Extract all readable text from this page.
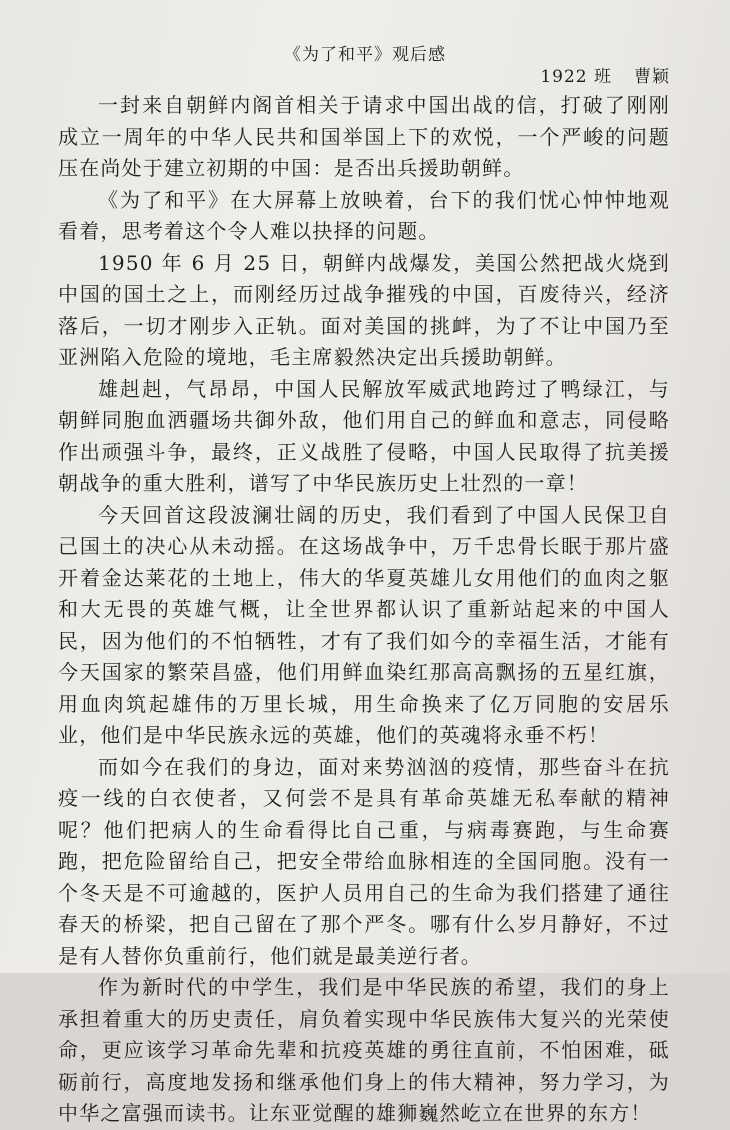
《为了和平》观后感
1922 班 曹颖

一封来自朝鲜内阁首相关于请求中国出战的信，打破了刚刚成立一周年的中华人民共和国举国上下的欢悦，一个严峻的问题压在尚处于建立初期的中国：是否出兵援助朝鲜。

《为了和平》在大屏幕上放映着，台下的我们忧心忡忡地观看着，思考着这个令人难以抉择的问题。

1950 年 6 月 25 日，朝鲜内战爆发，美国公然把战火烧到中国的国土之上，而刚经历过战争摧残的中国，百废待兴，经济落后，一切才刚步入正轨。面对美国的挑衅，为了不让中国乃至亚洲陷入危险的境地，毛主席毅然决定出兵援助朝鲜。

雄赳赳，气昂昂，中国人民解放军威武地跨过了鸭绿江，与朝鲜同胞血洒疆场共御外敌，他们用自己的鲜血和意志，同侵略作出顽强斗争，最终，正义战胜了侵略，中国人民取得了抗美援朝战争的重大胜利，谱写了中华民族历史上壮烈的一章！

今天回首这段波澜壮阔的历史，我们看到了中国人民保卫自己国土的决心从未动摇。在这场战争中，万千忠骨长眠于那片盛开着金达莱花的土地上，伟大的华夏英雄儿女用他们的血肉之躯和大无畏的英雄气概，让全世界都认识了重新站起来的中国人民，因为他们的不怕牺牲，才有了我们如今的幸福生活，才能有今天国家的繁荣昌盛，他们用鲜血染红那高高飘扬的五星红旗，用血肉筑起雄伟的万里长城，用生命换来了亿万同胞的安居乐业，他们是中华民族永远的英雄，他们的英魂将永垂不朽！

而如今在我们的身边，面对来势汹汹的疫情，那些奋斗在抗疫一线的白衣使者，又何尝不是具有革命英雄无私奉献的精神呢？他们把病人的生命看得比自己重，与病毒赛跑，与生命赛跑，把危险留给自己，把安全带给血脉相连的全国同胞。没有一个冬天是不可逾越的，医护人员用自己的生命为我们搭建了通往春天的桥梁，把自己留在了那个严冬。哪有什么岁月静好，不过是有人替你负重前行，他们就是最美逆行者。

作为新时代的中学生，我们是中华民族的希望，我们的身上承担着重大的历史责任，肩负着实现中华民族伟大复兴的光荣使命，更应该学习革命先辈和抗疫英雄的勇往直前，不怕困难，砥砺前行，高度地发扬和继承他们身上的伟大精神，努力学习，为中华之富强而读书。让东亚觉醒的雄狮巍然屹立在世界的东方！
